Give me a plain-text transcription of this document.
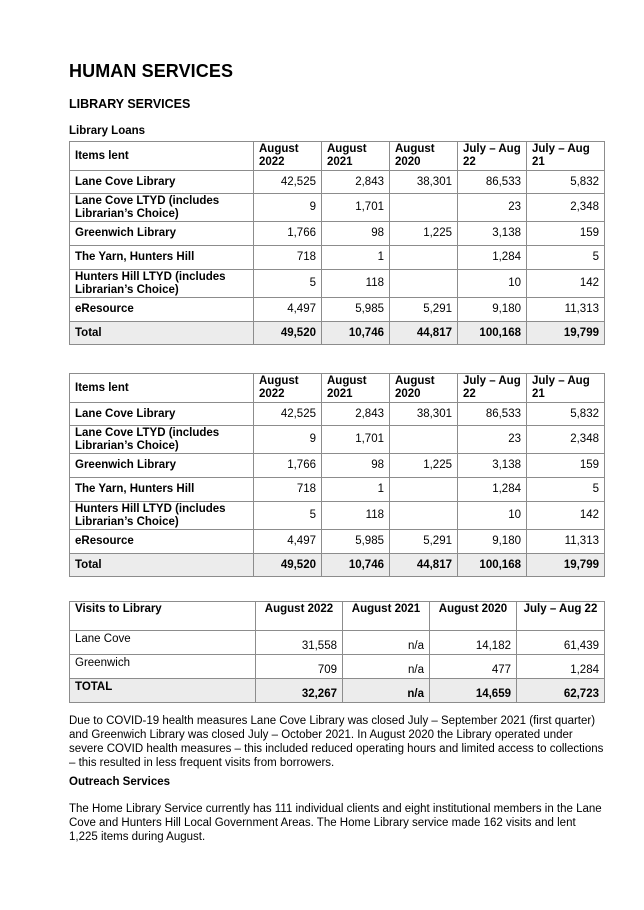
HUMAN SERVICES
LIBRARY SERVICES
Library Loans
Items lent	August 2022	August 2021	August 2020	July – Aug 22	July – Aug 21
Lane Cove Library	42,525	2,843	38,301	86,533	5,832
Lane Cove LTYD (includes Librarian’s Choice)	9	1,701		23	2,348
Greenwich Library	1,766	98	1,225	3,138	159
The Yarn, Hunters Hill	718	1		1,284	5
Hunters Hill LTYD (includes Librarian’s Choice)	5	118		10	142
eResource	4,497	5,985	5,291	9,180	11,313
Total	49,520	10,746	44,817	100,168	19,799
Items lent	August 2022	August 2021	August 2020	July – Aug 22	July – Aug 21
Lane Cove Library	42,525	2,843	38,301	86,533	5,832
Lane Cove LTYD (includes Librarian’s Choice)	9	1,701		23	2,348
Greenwich Library	1,766	98	1,225	3,138	159
The Yarn, Hunters Hill	718	1		1,284	5
Hunters Hill LTYD (includes Librarian’s Choice)	5	118		10	142
eResource	4,497	5,985	5,291	9,180	11,313
Total	49,520	10,746	44,817	100,168	19,799
Visits to Library	August 2022	August 2021	August 2020	July – Aug 22
Lane Cove	31,558	n/a	14,182	61,439
Greenwich	709	n/a	477	1,284
TOTAL	32,267	n/a	14,659	62,723
Due to COVID-19 health measures Lane Cove Library was closed July – September 2021 (first quarter) and Greenwich Library was closed July – October 2021. In August 2020 the Library operated under severe COVID health measures – this included reduced operating hours and limited access to collections – this resulted in less frequent visits from borrowers.
Outreach Services
The Home Library Service currently has 111 individual clients and eight institutional members in the Lane Cove and Hunters Hill Local Government Areas. The Home Library service made 162 visits and lent 1,225 items during August.
